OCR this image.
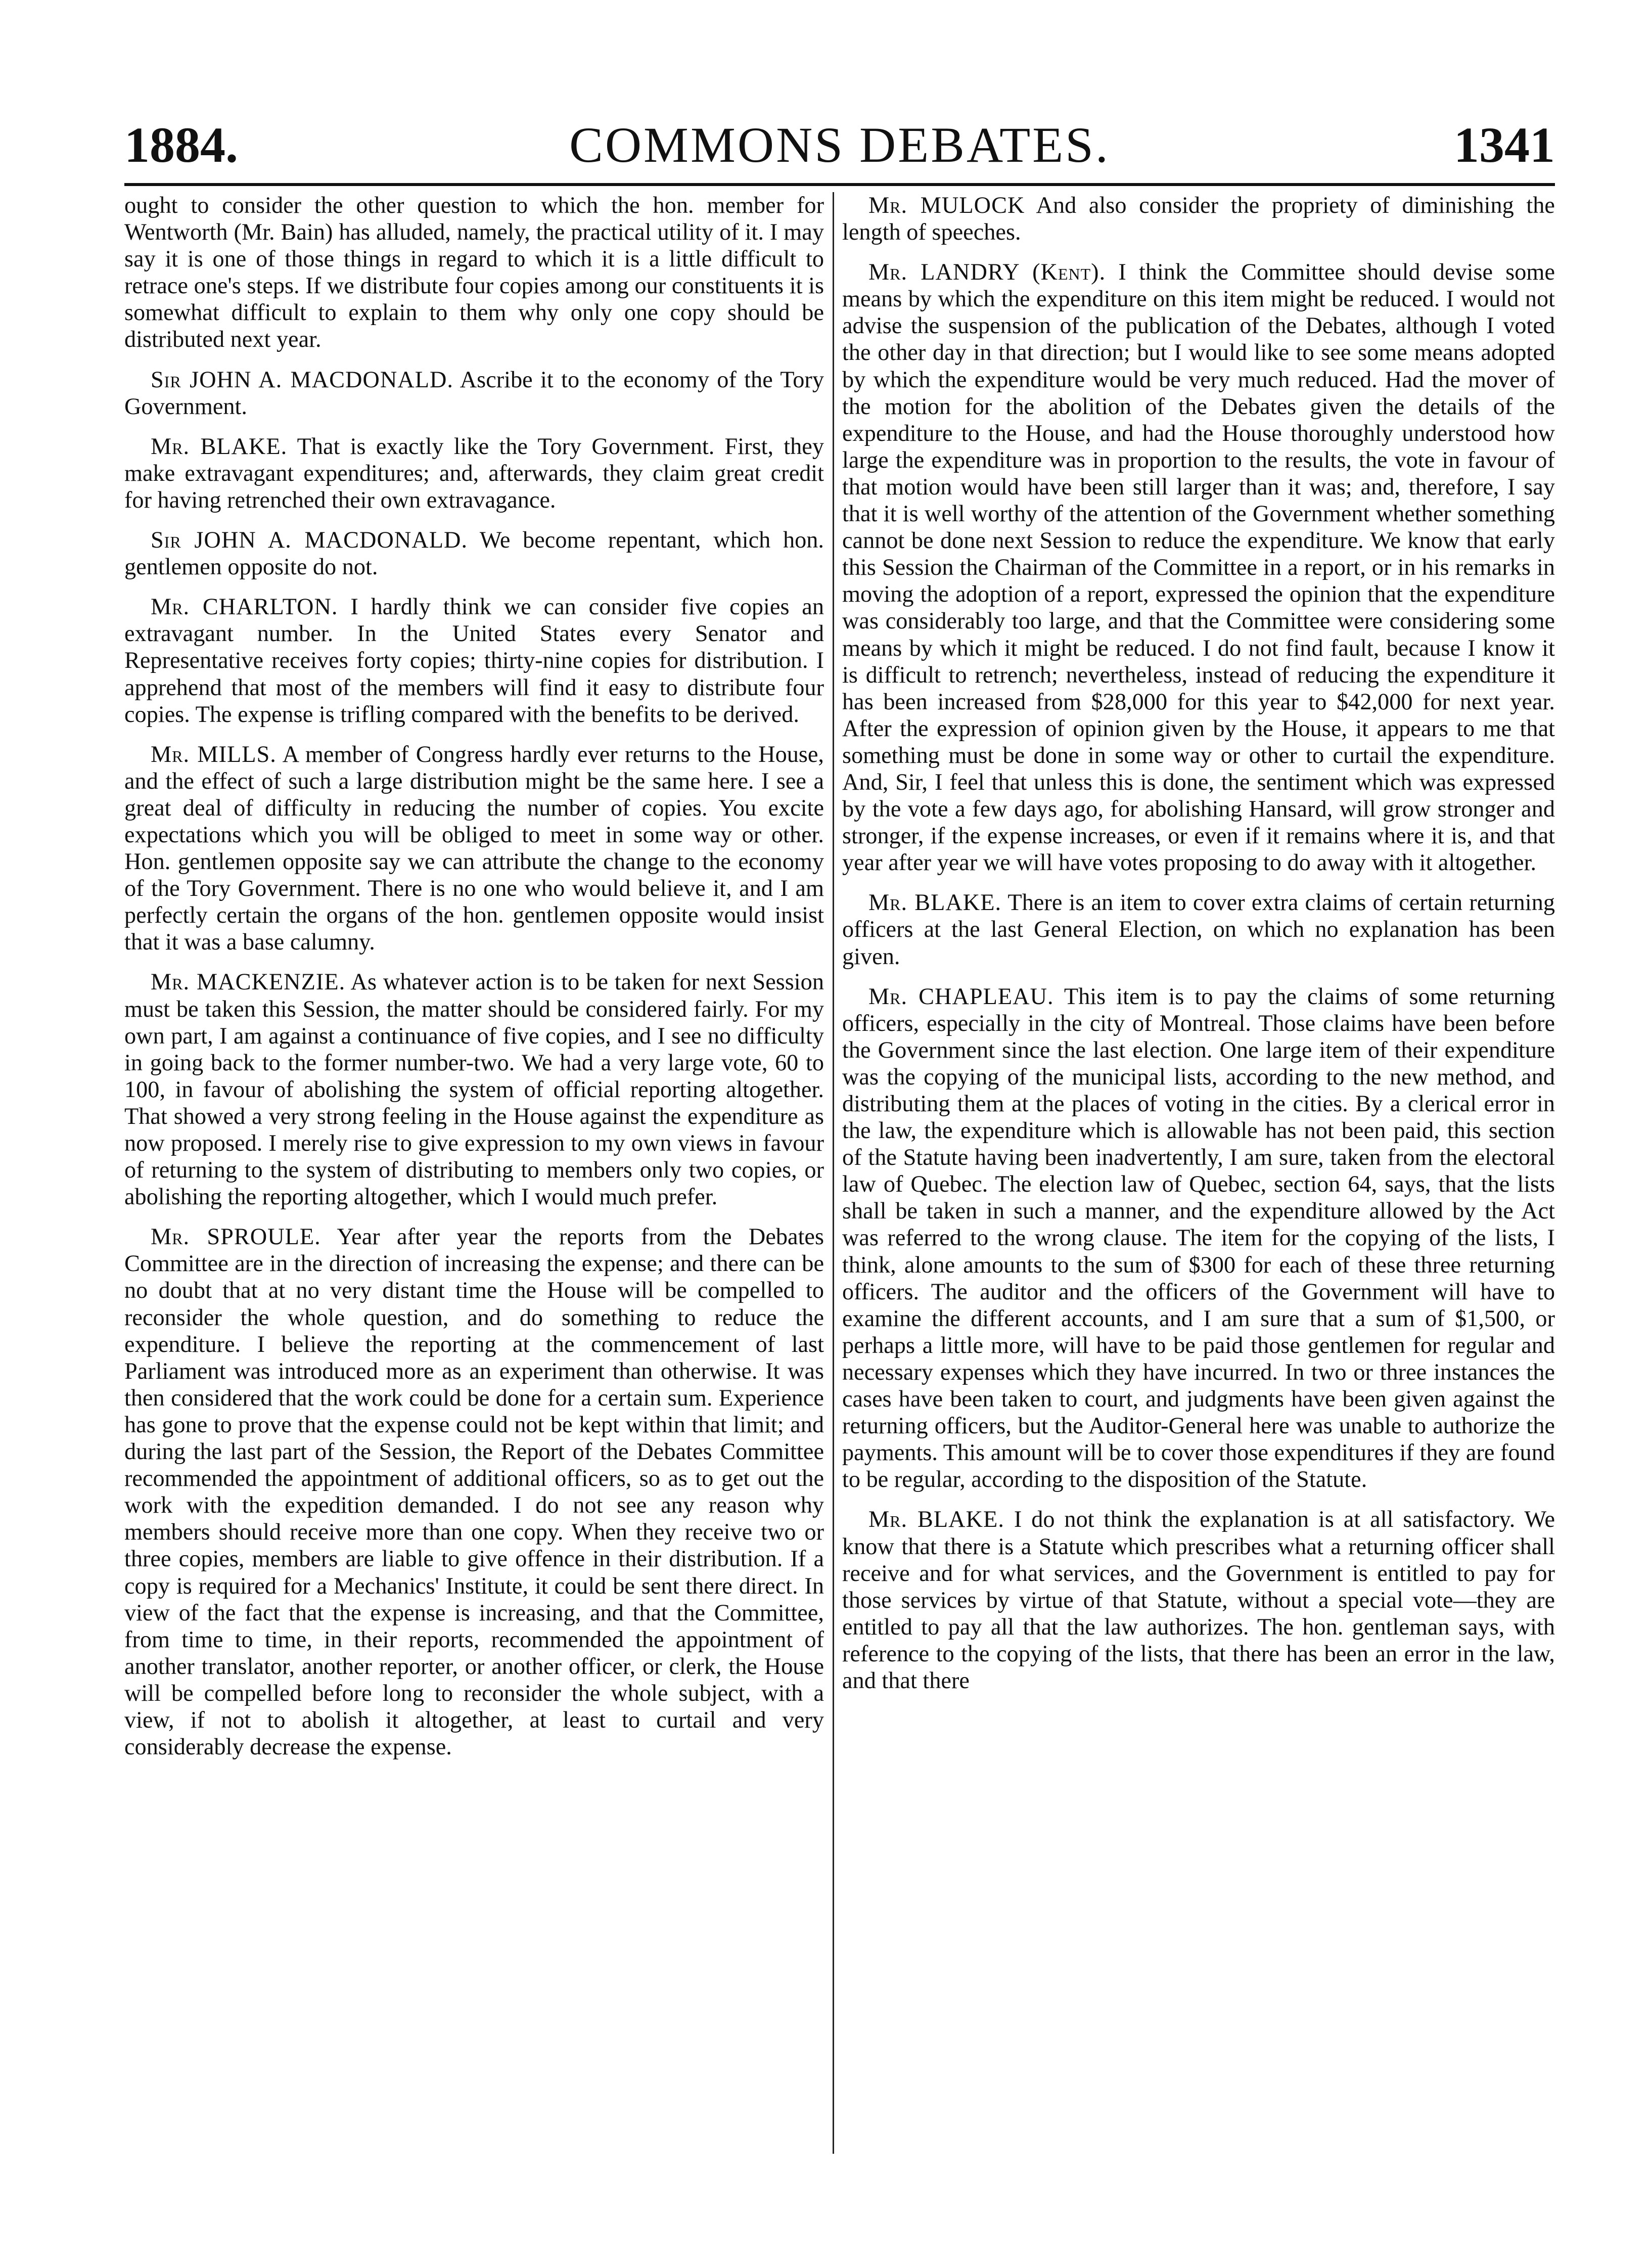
1884.	COMMONS DEBATES.	1341

ought to consider the other question to which the hon. member for Wentworth (Mr. Bain) has alluded, namely, the practical utility of it. I may say it is one of those things in regard to which it is a little difficult to retrace one's steps. If we distribute four copies among our constituents it is somewhat difficult to explain to them why only one copy should be distributed next year.

Sir JOHN A. MACDONALD. Ascribe it to the economy of the Tory Government.

Mr. BLAKE. That is exactly like the Tory Government. First, they make extravagant expenditures; and, afterwards, they claim great credit for having retrenched their own extravagance.

Sir JOHN A. MACDONALD. We become repentant, which hon. gentlemen opposite do not.

Mr. CHARLTON. I hardly think we can consider five copies an extravagant number. In the United States every Senator and Representative receives forty copies; thirty-nine copies for distribution. I apprehend that most of the members will find it easy to distribute four copies. The expense is trifling compared with the benefits to be derived.

Mr. MILLS. A member of Congress hardly ever returns to the House, and the effect of such a large distribution might be the same here. I see a great deal of difficulty in reducing the number of copies. You excite expectations which you will be obliged to meet in some way or other. Hon. gentlemen opposite say we can attribute the change to the economy of the Tory Government. There is no one who would believe it, and I am perfectly certain the organs of the hon. gentlemen opposite would insist that it was a base calumny.

Mr. MACKENZIE. As whatever action is to be taken for next Session must be taken this Session, the matter should be considered fairly. For my own part, I am against a continuance of five copies, and I see no difficulty in going back to the former number-two. We had a very large vote, 60 to 100, in favour of abolishing the system of official reporting altogether. That showed a very strong feeling in the House against the expenditure as now proposed. I merely rise to give expression to my own views in favour of returning to the system of distributing to members only two copies, or abolishing the reporting altogether, which I would much prefer.

Mr. SPROULE. Year after year the reports from the Debates Committee are in the direction of increasing the expense; and there can be no doubt that at no very distant time the House will be compelled to reconsider the whole question, and do something to reduce the expenditure. I believe the reporting at the commencement of last Parliament was introduced more as an experiment than otherwise. It was then considered that the work could be done for a certain sum. Experience has gone to prove that the expense could not be kept within that limit; and during the last part of the Session, the Report of the Debates Committee recommended the appointment of additional officers, so as to get out the work with the expedition demanded. I do not see any reason why members should receive more than one copy. When they receive two or three copies, members are liable to give offence in their distribution. If a copy is required for a Mechanics' Institute, it could be sent there direct. In view of the fact that the expense is increasing, and that the Committee, from time to time, in their reports, recommended the appointment of another translator, another reporter, or another officer, or clerk, the House will be compelled before long to reconsider the whole subject, with a view, if not to abolish it altogether, at least to curtail and very considerably decrease the expense.

Mr. MULOCK And also consider the propriety of diminishing the length of speeches.

Mr. LANDRY (Kent). I think the Committee should devise some means by which the expenditure on this item might be reduced. I would not advise the suspension of the publication of the Debates, although I voted the other day in that direction; but I would like to see some means adopted by which the expenditure would be very much reduced. Had the mover of the motion for the abolition of the Debates given the details of the expenditure to the House, and had the House thoroughly understood how large the expenditure was in proportion to the results, the vote in favour of that motion would have been still larger than it was; and, therefore, I say that it is well worthy of the attention of the Government whether something cannot be done next Session to reduce the expenditure. We know that early this Session the Chairman of the Committee in a report, or in his remarks in moving the adoption of a report, expressed the opinion that the expenditure was considerably too large, and that the Committee were considering some means by which it might be reduced. I do not find fault, because I know it is difficult to retrench; nevertheless, instead of reducing the expenditure it has been increased from $28,000 for this year to $42,000 for next year. After the expression of opinion given by the House, it appears to me that something must be done in some way or other to curtail the expenditure. And, Sir, I feel that unless this is done, the sentiment which was expressed by the vote a few days ago, for abolishing Hansard, will grow stronger and stronger, if the expense increases, or even if it remains where it is, and that year after year we will have votes proposing to do away with it altogether.

Mr. BLAKE. There is an item to cover extra claims of certain returning officers at the last General Election, on which no explanation has been given.

Mr. CHAPLEAU. This item is to pay the claims of some returning officers, especially in the city of Montreal. Those claims have been before the Government since the last election. One large item of their expenditure was the copying of the municipal lists, according to the new method, and distributing them at the places of voting in the cities. By a clerical error in the law, the expenditure which is allowable has not been paid, this section of the Statute having been inadvertently, I am sure, taken from the electoral law of Quebec. The election law of Quebec, section 64, says, that the lists shall be taken in such a manner, and the expenditure allowed by the Act was referred to the wrong clause. The item for the copying of the lists, I think, alone amounts to the sum of $300 for each of these three returning officers. The auditor and the officers of the Government will have to examine the different accounts, and I am sure that a sum of $1,500, or perhaps a little more, will have to be paid those gentlemen for regular and necessary expenses which they have incurred. In two or three instances the cases have been taken to court, and judgments have been given against the returning officers, but the Auditor-General here was unable to authorize the payments. This amount will be to cover those expenditures if they are found to be regular, according to the disposition of the Statute.

Mr. BLAKE. I do not think the explanation is at all satisfactory. We know that there is a Statute which prescribes what a returning officer shall receive and for what services, and the Government is entitled to pay for those services by virtue of that Statute, without a special vote—they are entitled to pay all that the law authorizes. The hon. gentleman says, with reference to the copying of the lists, that there has been an error in the law, and that there
